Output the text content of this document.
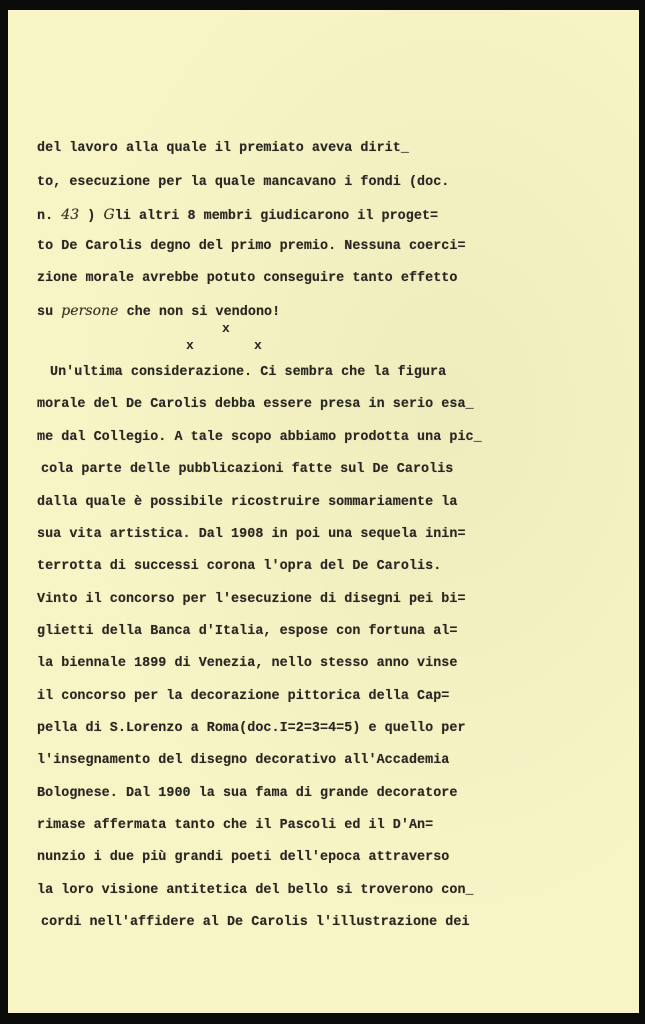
del lavoro alla quale il premiato aveva dirit_
to, esecuzione per la quale mancavano i fondi (doc.
n. 43 ) Gli altri 8 membri giudicarono il proget=
to De Carolis degno del primo premio. Nessuna coerci=
zione morale avrebbe potuto conseguire tanto effetto
su persone che non si vendono!
x
x	x
Un'ultima considerazione. Ci sembra che la figura
morale del De Carolis debba essere presa in serio esa_
me dal Collegio. A tale scopo abbiamo prodotta una pic_
cola parte delle pubblicazioni fatte sul De Carolis
dalla quale è possibile ricostruire sommariamente la
sua vita artistica. Dal 1908 in poi una sequela inin=
terrotta di successi corona l'opra del De Carolis.
Vinto il concorso per l'esecuzione di disegni pei bi=
glietti della Banca d'Italia, espose con fortuna al=
la biennale 1899 di Venezia, nello stesso anno vinse
il concorso per la decorazione pittorica della Cap=
pella di S.Lorenzo a Roma(doc.I=2=3=4=5) e quello per
l'insegnamento del disegno decorativo all'Accademia
Bolognese. Dal 1900 la sua fama di grande decoratore
rimase affermata tanto che il Pascoli ed il D'An=
nunzio i due più grandi poeti dell'epoca attraverso
la loro visione antitetica del bello si troverono con_
cordi nell'affidere al De Carolis l'illustrazione dei
